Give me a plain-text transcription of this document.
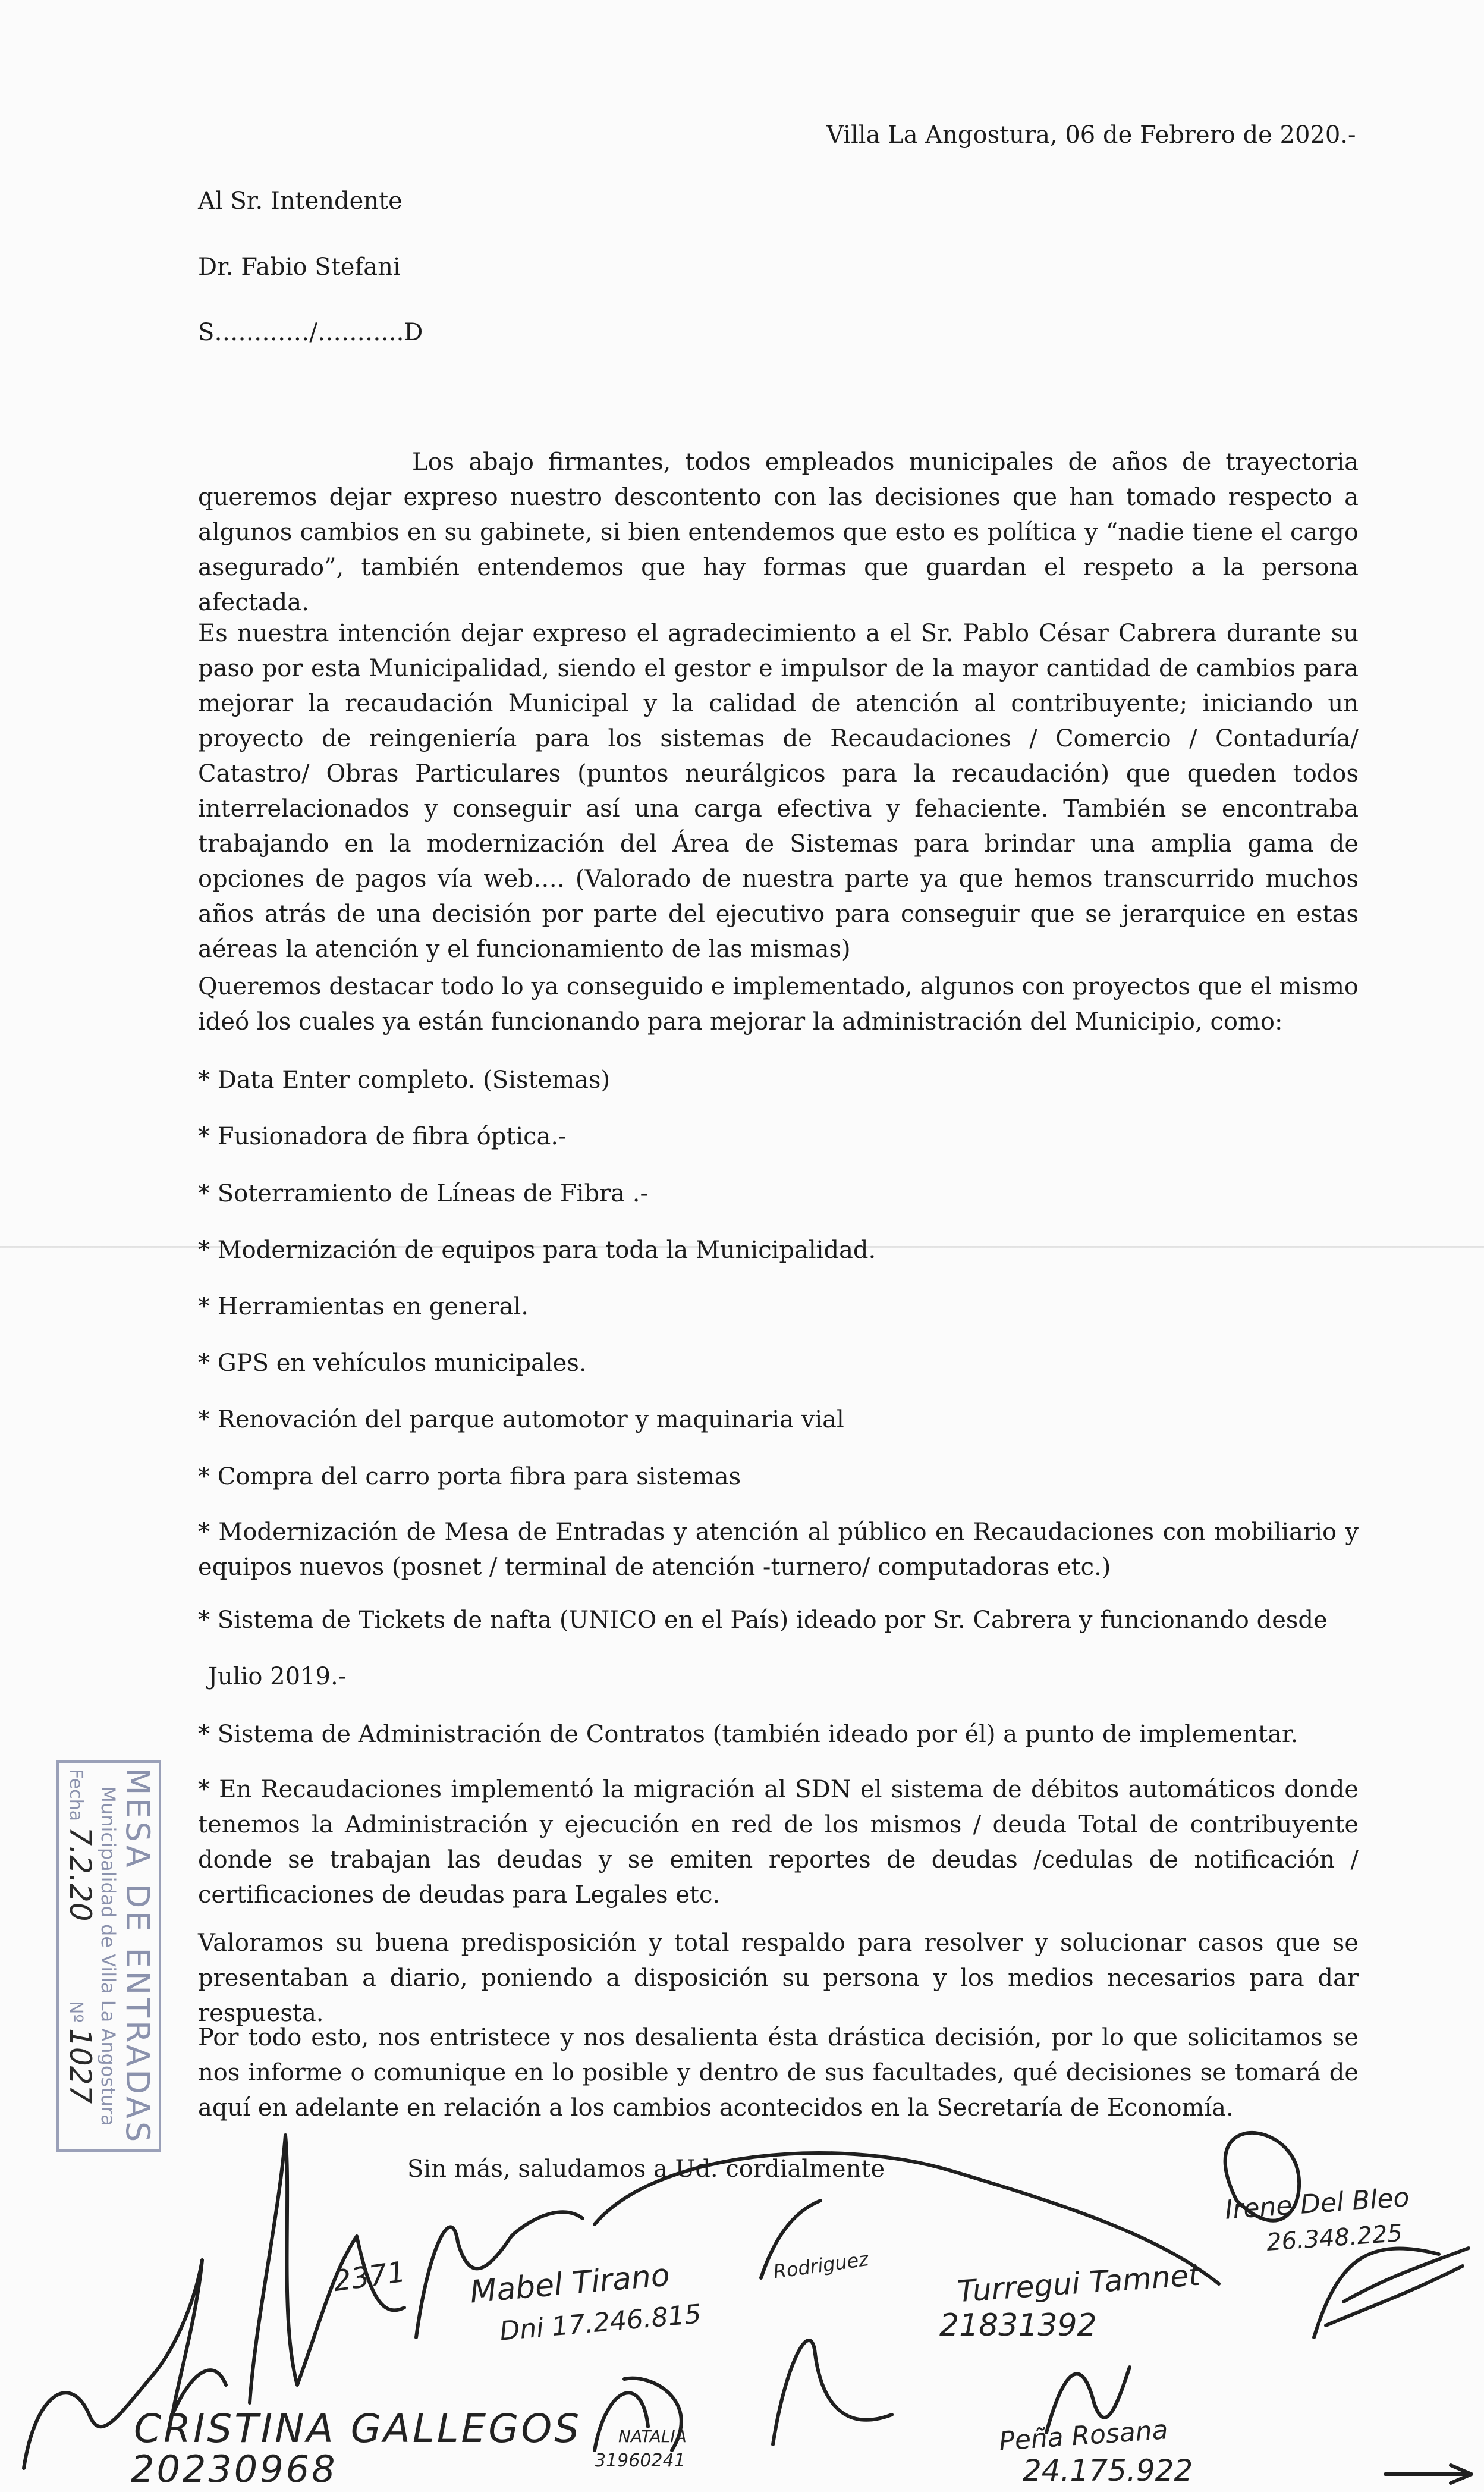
Villa La Angostura, 06 de Febrero de 2020.-

Al Sr. Intendente

Dr. Fabio Stefani

S…………/………..D

Los abajo firmantes, todos empleados municipales de años de trayectoria queremos dejar expreso nuestro descontento con las decisiones que han tomado respecto a algunos cambios en su gabinete, si bien entendemos que esto es política y “nadie tiene el cargo asegurado”, también entendemos que hay formas que guardan el respeto a la persona afectada.

Es nuestra intención dejar expreso el agradecimiento a el Sr. Pablo César Cabrera durante su paso por esta Municipalidad, siendo el gestor e impulsor de la mayor cantidad de cambios para mejorar la recaudación Municipal y la calidad de atención al contribuyente; iniciando un proyecto de reingeniería para los sistemas de Recaudaciones / Comercio / Contaduría/ Catastro/ Obras Particulares (puntos neurálgicos para la recaudación) que queden todos interrelacionados y conseguir así una carga efectiva y fehaciente. También se encontraba trabajando en la modernización del Área de Sistemas para brindar una amplia gama de opciones de pagos vía web…. (Valorado de nuestra parte ya que hemos transcurrido muchos años atrás de una decisión por parte del ejecutivo para conseguir que se jerarquice en estas aéreas la atención y el funcionamiento de las mismas)

Queremos destacar todo lo ya conseguido e implementado, algunos con proyectos que el mismo ideó los cuales ya están funcionando para mejorar la administración del Municipio, como:

* Data Enter completo. (Sistemas)

* Fusionadora de fibra óptica.-

* Soterramiento de Líneas de Fibra .-

* Modernización de equipos para toda la Municipalidad.

* Herramientas en general.

* GPS en vehículos municipales.

* Renovación del parque automotor y maquinaria vial

* Compra del carro porta fibra para sistemas

* Modernización de Mesa de Entradas y atención al público en Recaudaciones con mobiliario y equipos nuevos (posnet / terminal de atención -turnero/ computadoras etc.)

* Sistema de Tickets de nafta (UNICO en el País) ideado por Sr. Cabrera y funcionando desde

Julio 2019.-

* Sistema de Administración de Contratos (también ideado por él) a punto de implementar.

* En Recaudaciones implementó la migración al SDN el sistema de débitos automáticos donde tenemos la Administración y ejecución en red de los mismos / deuda Total de contribuyente donde se trabajan las deudas y se emiten reportes de deudas /cedulas de notificación / certificaciones de deudas para Legales etc.

Valoramos su buena predisposición y total respaldo para resolver y solucionar casos que se presentaban a diario, poniendo a disposición su persona y los medios necesarios para dar respuesta.

Por todo esto, nos entristece y nos desalienta ésta drástica decisión, por lo que solicitamos se nos informe o comunique en lo posible y dentro de sus facultades, qué decisiones se tomará de aquí en adelante en relación a los cambios acontecidos en la Secretaría de Economía.

Sin más, saludamos a Ud. cordialmente

MESA DE ENTRADAS
Municipalidad de Villa La Angostura
Fecha 7.2.20
Nº 1027
CRISTINA GALLEGOS
20230968
2371 Mabel Tirano
Dni 17.246.815
Rodriguez	Turregui Tamnet
21831392
NATALIA
31960241
Peña Rosana
24.175.922
Irene Del Bleo
26.348.225
